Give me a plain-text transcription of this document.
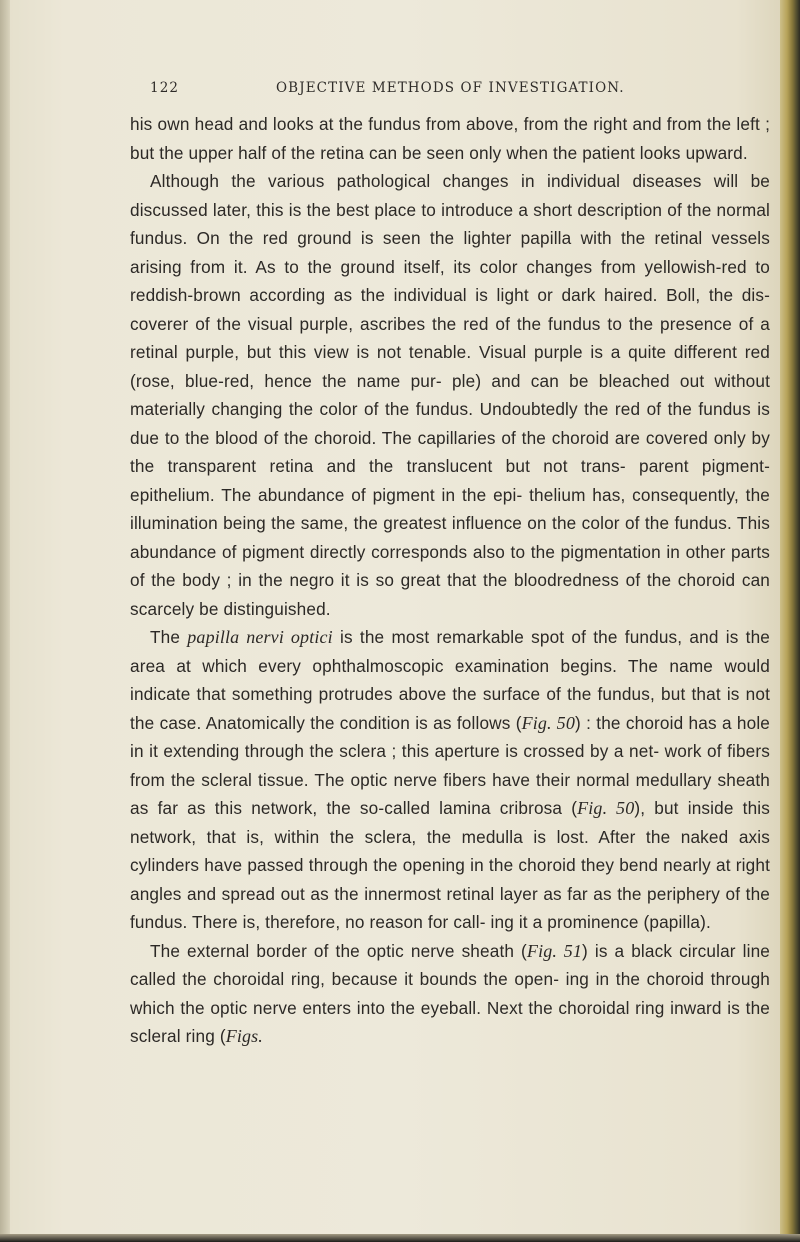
122	OBJECTIVE METHODS OF INVESTIGATION.

his own head and looks at the fundus from above, from the right and from the left ; but the upper half of the retina can be seen only when the patient looks upward.

Although the various pathological changes in individual diseases will be discussed later, this is the best place to introduce a short description of the normal fundus. On the red ground is seen the lighter papilla with the retinal vessels arising from it. As to the ground itself, its color changes from yellowish-red to reddish-brown according as the individual is light or dark haired. Boll, the dis- coverer of the visual purple, ascribes the red of the fundus to the presence of a retinal purple, but this view is not tenable. Visual purple is a quite different red (rose, blue-red, hence the name pur- ple) and can be bleached out without materially changing the color of the fundus. Undoubtedly the red of the fundus is due to the blood of the choroid. The capillaries of the choroid are covered only by the transparent retina and the translucent but not trans- parent pigment-epithelium. The abundance of pigment in the epi- thelium has, consequently, the illumination being the same, the greatest influence on the color of the fundus. This abundance of pigment directly corresponds also to the pigmentation in other parts of the body ; in the negro it is so great that the bloodredness of the choroid can scarcely be distinguished.

The papilla nervi optici is the most remarkable spot of the fundus, and is the area at which every ophthalmoscopic examination begins. The name would indicate that something protrudes above the surface of the fundus, but that is not the case. Anatomically the condition is as follows (Fig. 50) : the choroid has a hole in it extending through the sclera ; this aperture is crossed by a net- work of fibers from the scleral tissue. The optic nerve fibers have their normal medullary sheath as far as this network, the so-called lamina cribrosa (Fig. 50), but inside this network, that is, within the sclera, the medulla is lost. After the naked axis cylinders have passed through the opening in the choroid they bend nearly at right angles and spread out as the innermost retinal layer as far as the periphery of the fundus. There is, therefore, no reason for call- ing it a prominence (papilla).

The external border of the optic nerve sheath (Fig. 51) is a black circular line called the choroidal ring, because it bounds the open- ing in the choroid through which the optic nerve enters into the eyeball. Next the choroidal ring inward is the scleral ring (Figs.
